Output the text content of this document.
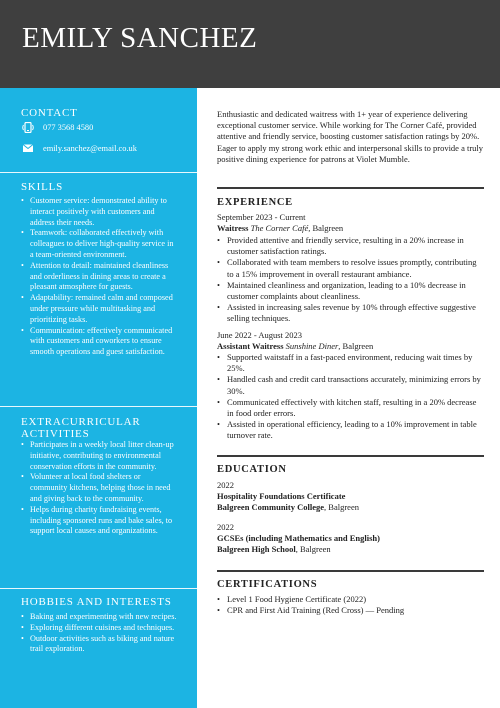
EMILY SANCHEZ
CONTACT
077 3568 4580
emily.sanchez@email.co.uk
SKILLS
• Customer service: demonstrated ability to interact positively with customers and address their needs.
• Teamwork: collaborated effectively with colleagues to deliver high-quality service in a team-oriented environment.
• Attention to detail: maintained cleanliness and orderliness in dining areas to create a pleasant atmosphere for guests.
• Adaptability: remained calm and composed under pressure while multitasking and prioritizing tasks.
• Communication: effectively communicated with customers and coworkers to ensure smooth operations and guest satisfaction.
EXTRACURRICULAR ACTIVITIES
• Participates in a weekly local litter clean-up initiative, contributing to environmental conservation efforts in the community.
• Volunteer at local food shelters or community kitchens, helping those in need and giving back to the community.
• Helps during charity fundraising events, including sponsored runs and bake sales, to support local causes and organizations.
HOBBIES AND INTERESTS
• Baking and experimenting with new recipes.
• Exploring different cuisines and techniques.
• Outdoor activities such as biking and nature trail exploration.
Enthusiastic and dedicated waitress with 1+ year of experience delivering exceptional customer service. While working for The Corner Café, provided attentive and friendly service, boosting customer satisfaction ratings by 20%. Eager to apply my strong work ethic and interpersonal skills to provide a truly positive dining experience for patrons at Violet Mumble.
EXPERIENCE
September 2023 - Current
Waitress The Corner Café, Balgreen
• Provided attentive and friendly service, resulting in a 20% increase in customer satisfaction ratings.
• Collaborated with team members to resolve issues promptly, contributing to a 15% improvement in overall restaurant ambiance.
• Maintained cleanliness and organization, leading to a 10% decrease in customer complaints about cleanliness.
• Assisted in increasing sales revenue by 10% through effective suggestive selling techniques.
June 2022 - August 2023
Assistant Waitress Sunshine Diner, Balgreen
• Supported waitstaff in a fast-paced environment, reducing wait times by 25%.
• Handled cash and credit card transactions accurately, minimizing errors by 30%.
• Communicated effectively with kitchen staff, resulting in a 20% decrease in food order errors.
• Assisted in operational efficiency, leading to a 10% improvement in table turnover rate.
EDUCATION
2022
Hospitality Foundations Certificate
Balgreen Community College, Balgreen
2022
GCSEs (including Mathematics and English)
Balgreen High School, Balgreen
CERTIFICATIONS
• Level 1 Food Hygiene Certificate (2022)
• CPR and First Aid Training (Red Cross) — Pending
